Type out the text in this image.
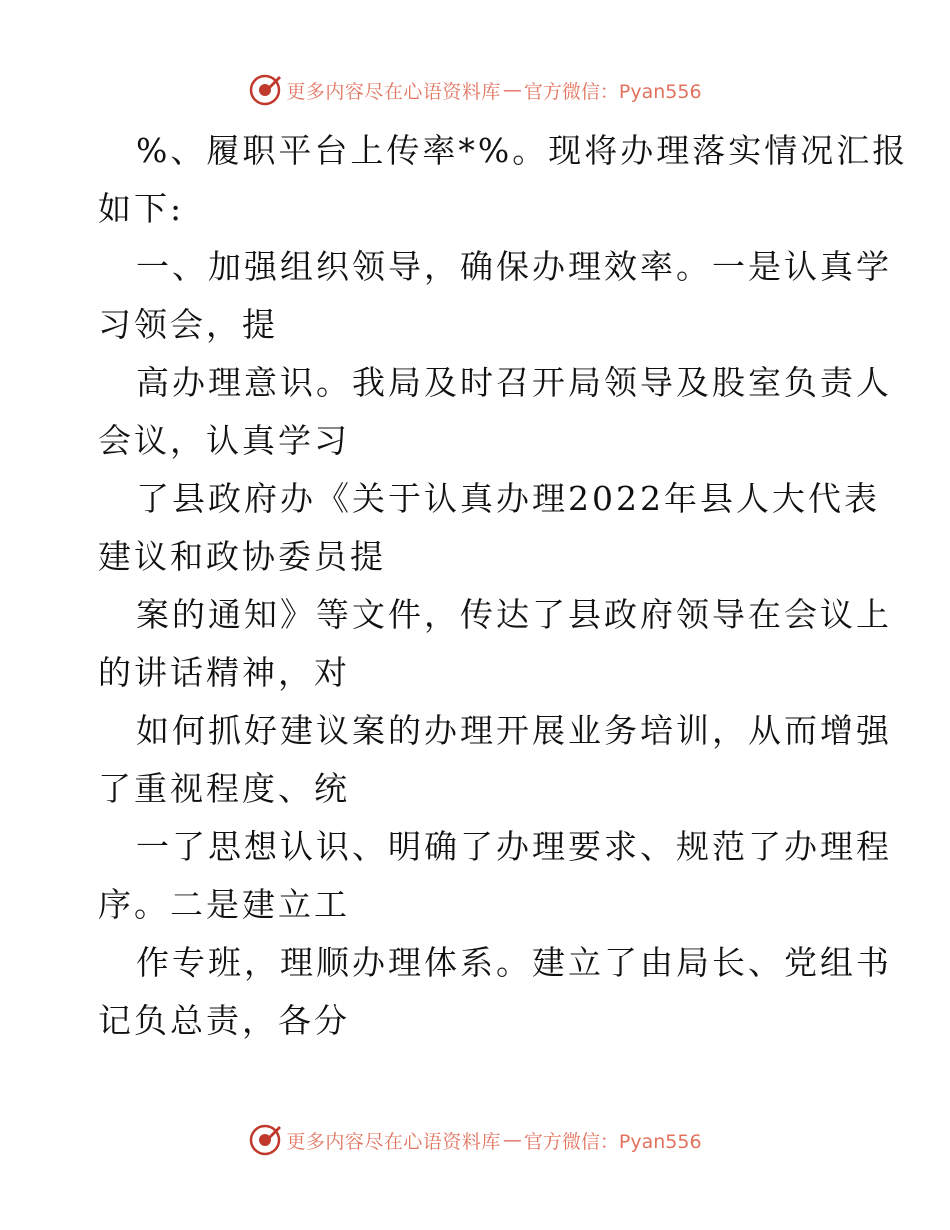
更多内容尽在心语资料库 — 官方微信：Pyan556
%、履职平台上传率*%。现将办理落实情况汇报
如下:
一、加强组织领导，确保办理效率。一是认真学
习领会，提
高办理意识。我局及时召开局领导及股室负责人
会议，认真学习
了县政府办《关于认真办理2022年县人大代表
建议和政协委员提
案的通知》等文件，传达了县政府领导在会议上
的讲话精神，对
如何抓好建议案的办理开展业务培训，从而增强
了重视程度、统
一了思想认识、明确了办理要求、规范了办理程
序。二是建立工
作专班，理顺办理体系。建立了由局长、党组书
记负总责，各分
更多内容尽在心语资料库 — 官方微信：Pyan556
